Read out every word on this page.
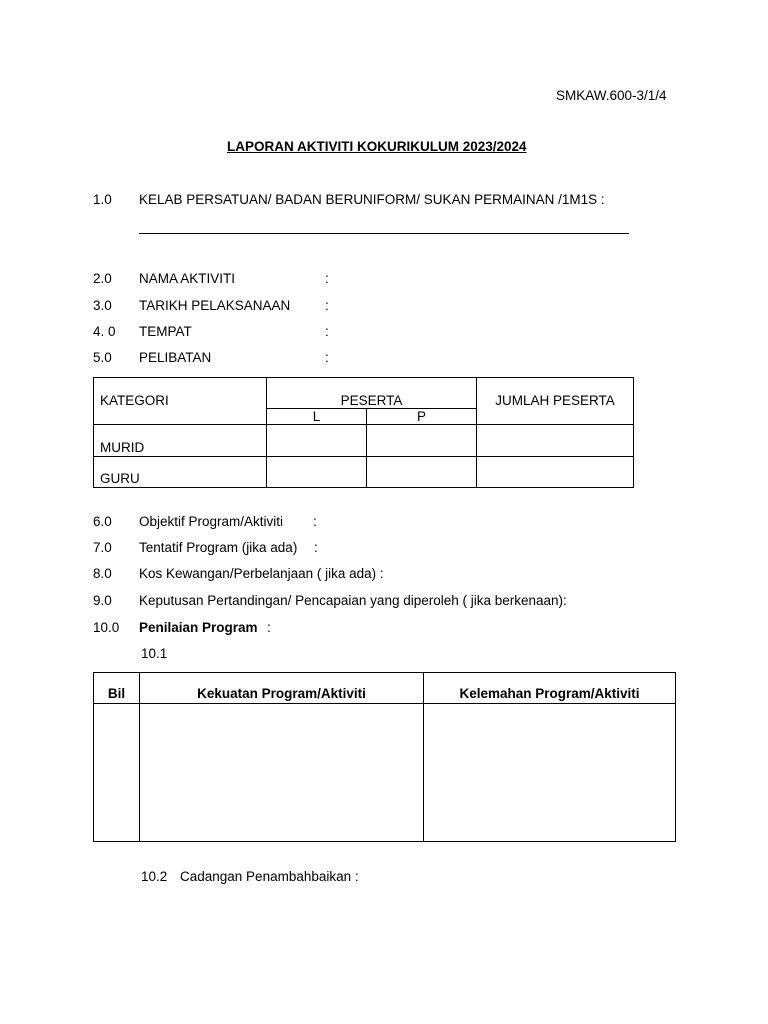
SMKAW.600-3/1/4
LAPORAN AKTIVITI KOKURIKULUM 2023/2024
1.0 KELAB PERSATUAN/ BADAN BERUNIFORM/ SUKAN PERMAINAN /1M1S :
2.0 NAMA AKTIVITI	:
3.0 TARIKH PELAKSANAAN	:
4. 0 TEMPAT	:
5.0 PELIBATAN	:
KATEGORI	PESERTA		JUMLAH PESERTA

	L	P	

MURID			

GURU			

6.0 Objektif Program/Aktiviti :
7.0 Tentatif Program (jika ada) :
8.0 Kos Kewangan/Perbelanjaan ( jika ada) :
9.0 Keputusan Pertandingan/ Pencapaian yang diperoleh ( jika berkenaan):
10.0 Penilaian Program :
10.1
Bil	Kekuatan Program/Aktiviti	Kelemahan Program/Aktiviti

10.2 Cadangan Penambahbaikan :
